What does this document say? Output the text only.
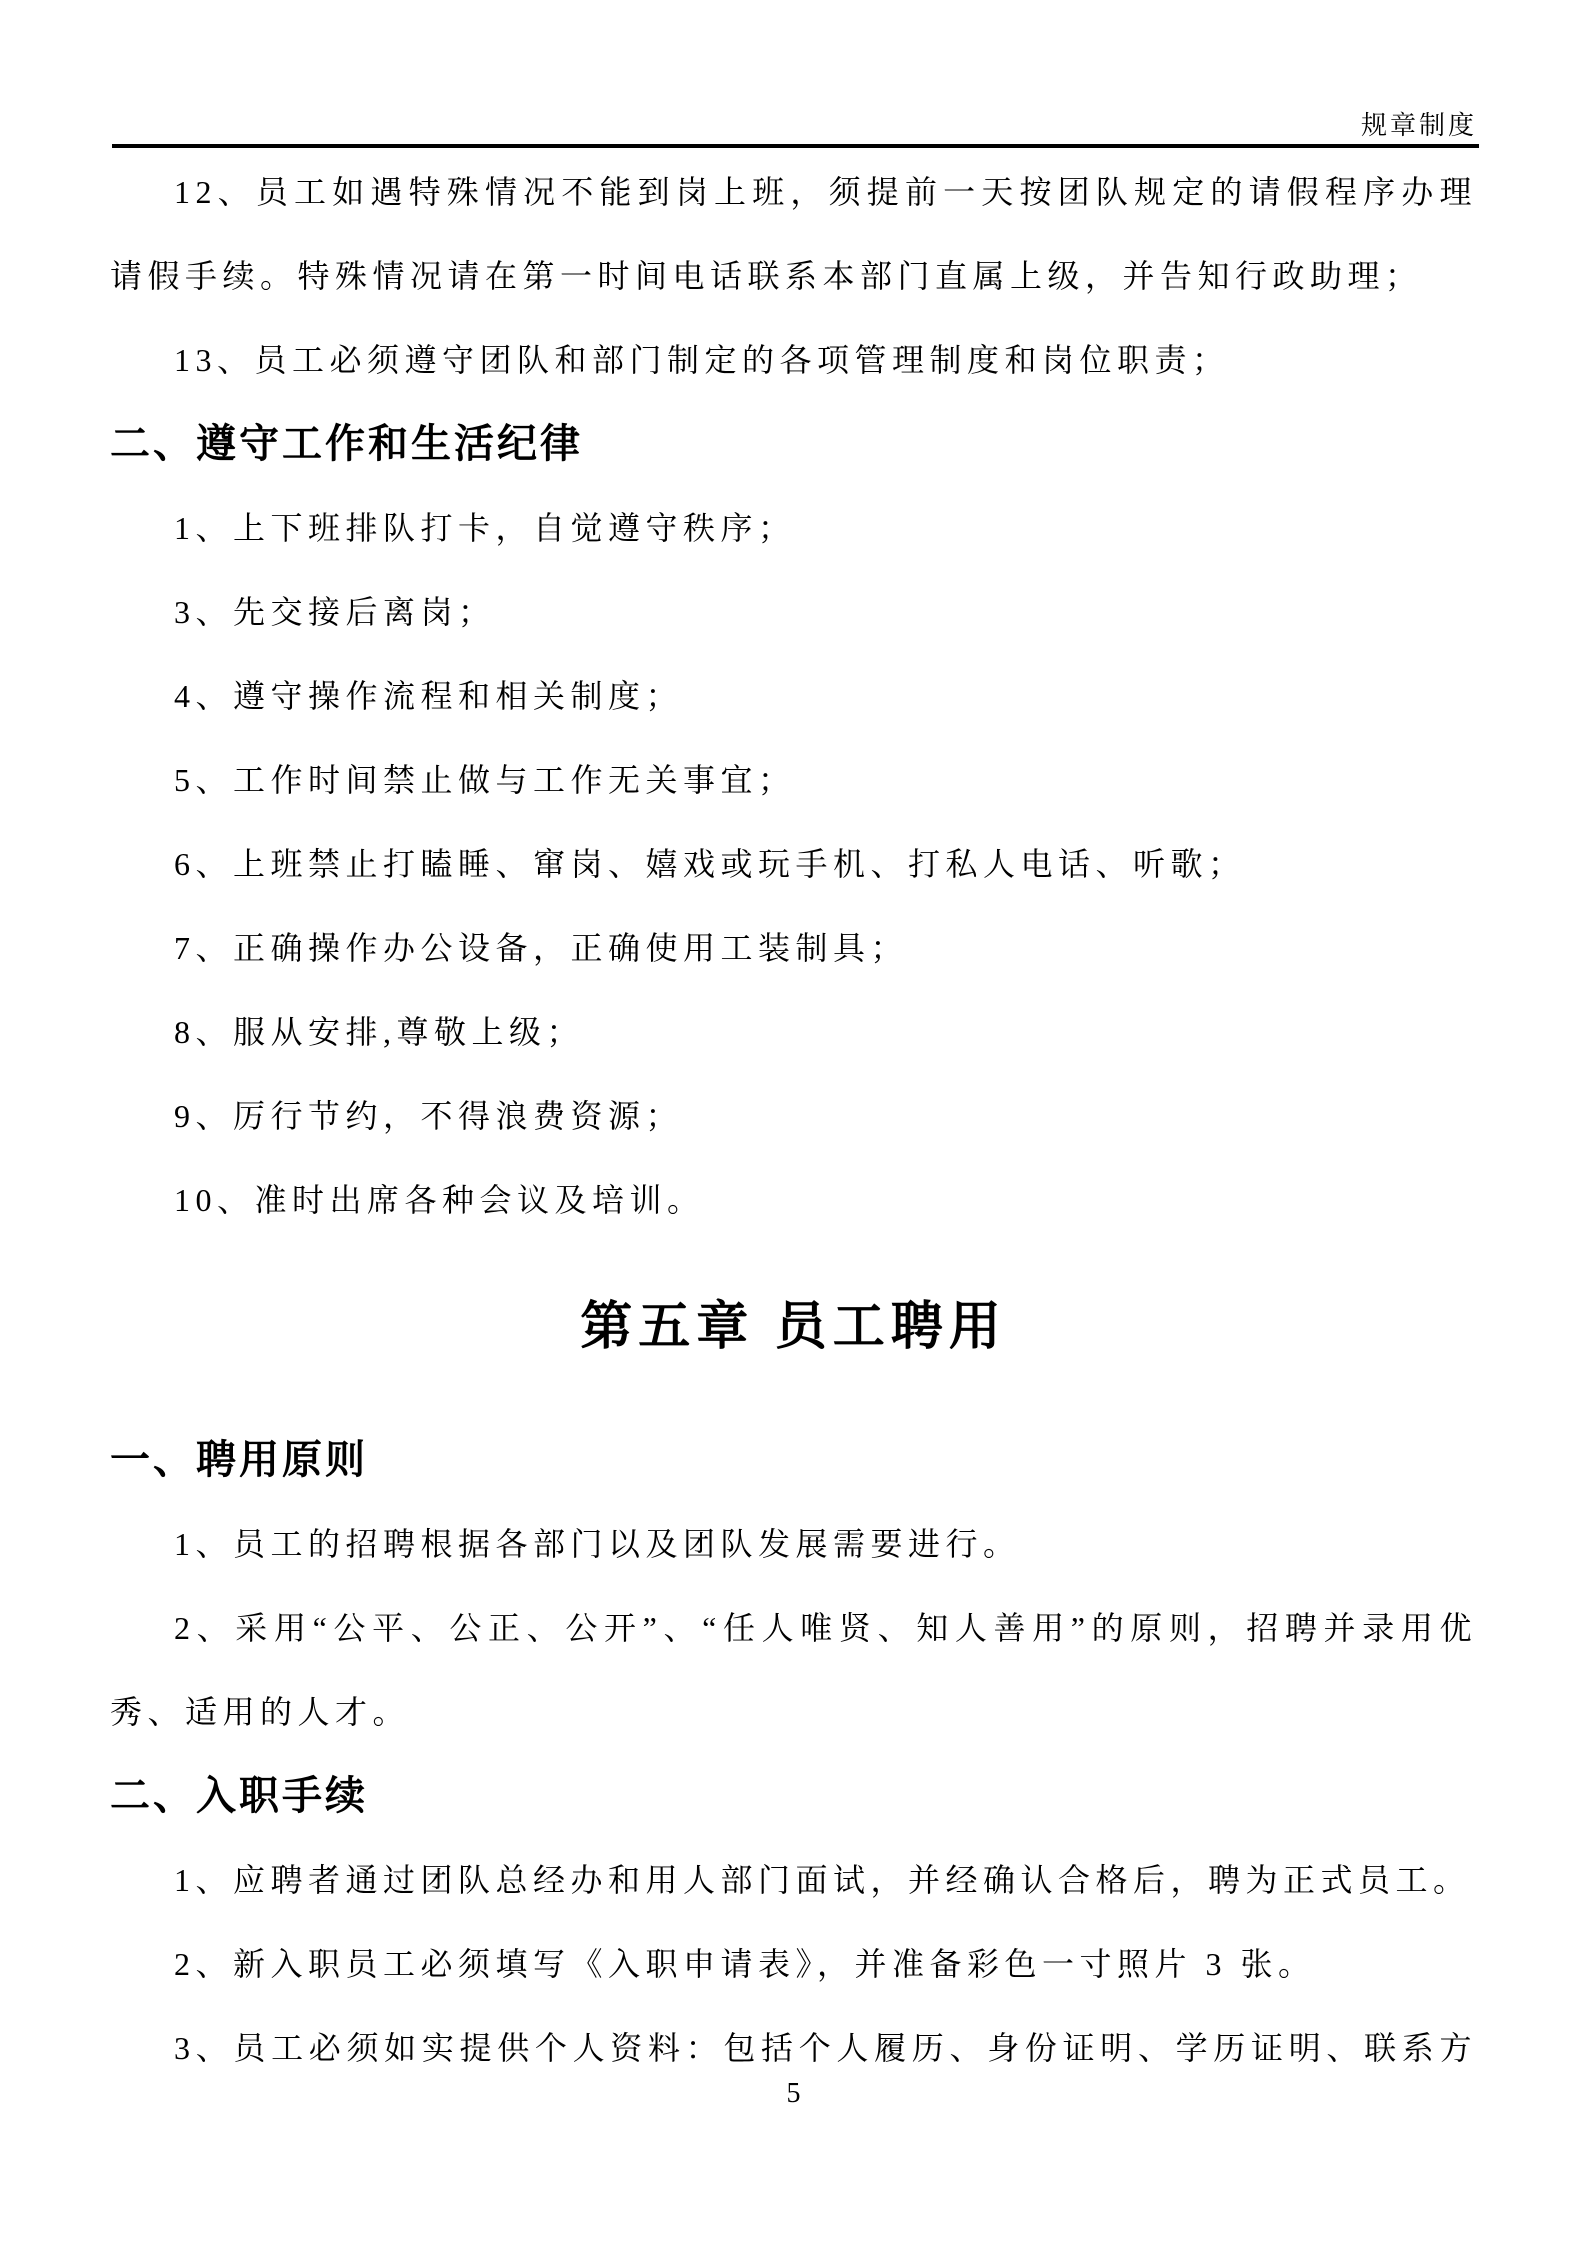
规章制度

12、员工如遇特殊情况不能到岗上班，须提前一天按团队规定的请假程序办理请假手续。特殊情况请在第一时间电话联系本部门直属上级，并告知行政助理；

13、员工必须遵守团队和部门制定的各项管理制度和岗位职责；

二、遵守工作和生活纪律

1、上下班排队打卡，自觉遵守秩序；

3、先交接后离岗；

4、遵守操作流程和相关制度；

5、工作时间禁止做与工作无关事宜；

6、上班禁止打瞌睡、窜岗、嬉戏或玩手机、打私人电话、听歌；

7、正确操作办公设备，正确使用工装制具；

8、服从安排,尊敬上级；

9、厉行节约，不得浪费资源；

10、准时出席各种会议及培训。

第五章 员工聘用
一、聘用原则

1、员工的招聘根据各部门以及团队发展需要进行。

2、采用“公平、公正、公开”、“任人唯贤、知人善用”的原则，招聘并录用优秀、适用的人才。

二、入职手续

1、应聘者通过团队总经办和用人部门面试，并经确认合格后，聘为正式员工。

2、新入职员工必须填写《入职申请表》，并准备彩色一寸照片 3 张。

3、员工必须如实提供个人资料：包括个人履历、身份证明、学历证明、联系方

5
